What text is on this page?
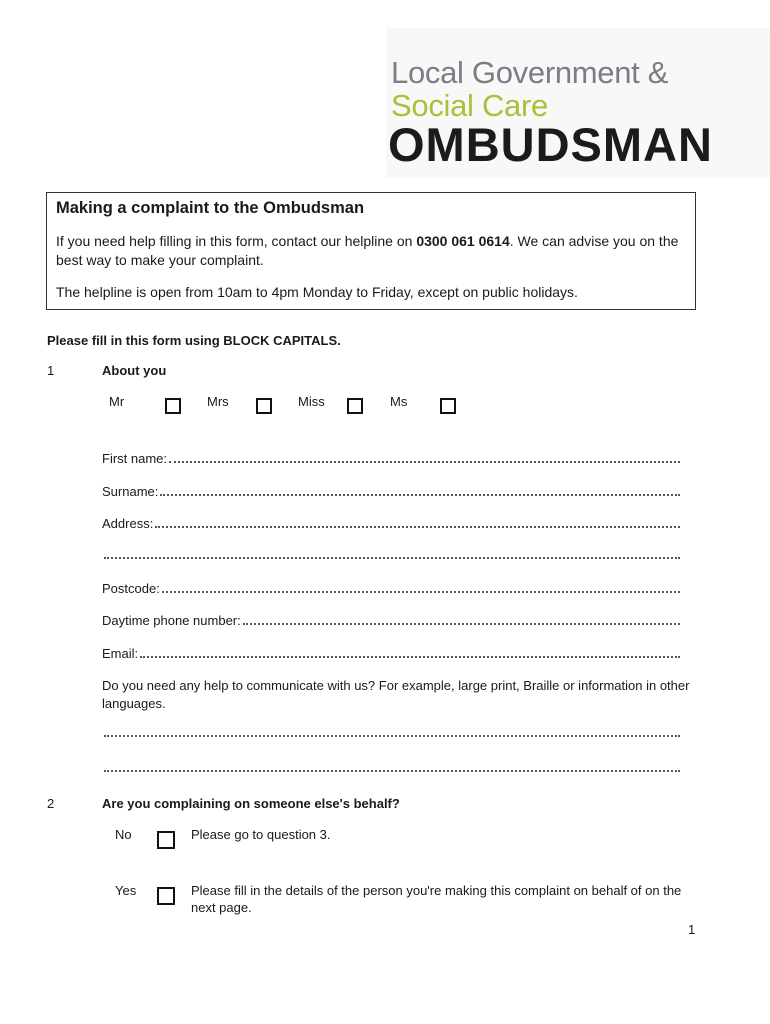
Local Government &
Social Care
OMBUDSMAN
Making a complaint to the Ombudsman
If you need help filling in this form, contact our helpline on 0300 061 0614. We can advise you on the best way to make your complaint.
The helpline is open from 10am to 4pm Monday to Friday, except on public holidays.
Please fill in this form using BLOCK CAPITALS.
1	About you
Mr	Mrs	Miss	Ms
First name:
Surname:
Address:
Postcode:
Daytime phone number:
Email:
Do you need any help to communicate with us? For example, large print, Braille or information in other languages.
2	Are you complaining on someone else's behalf?
No	Please go to question 3.
Yes	Please fill in the details of the person you're making this complaint on behalf of on the next page.
1
